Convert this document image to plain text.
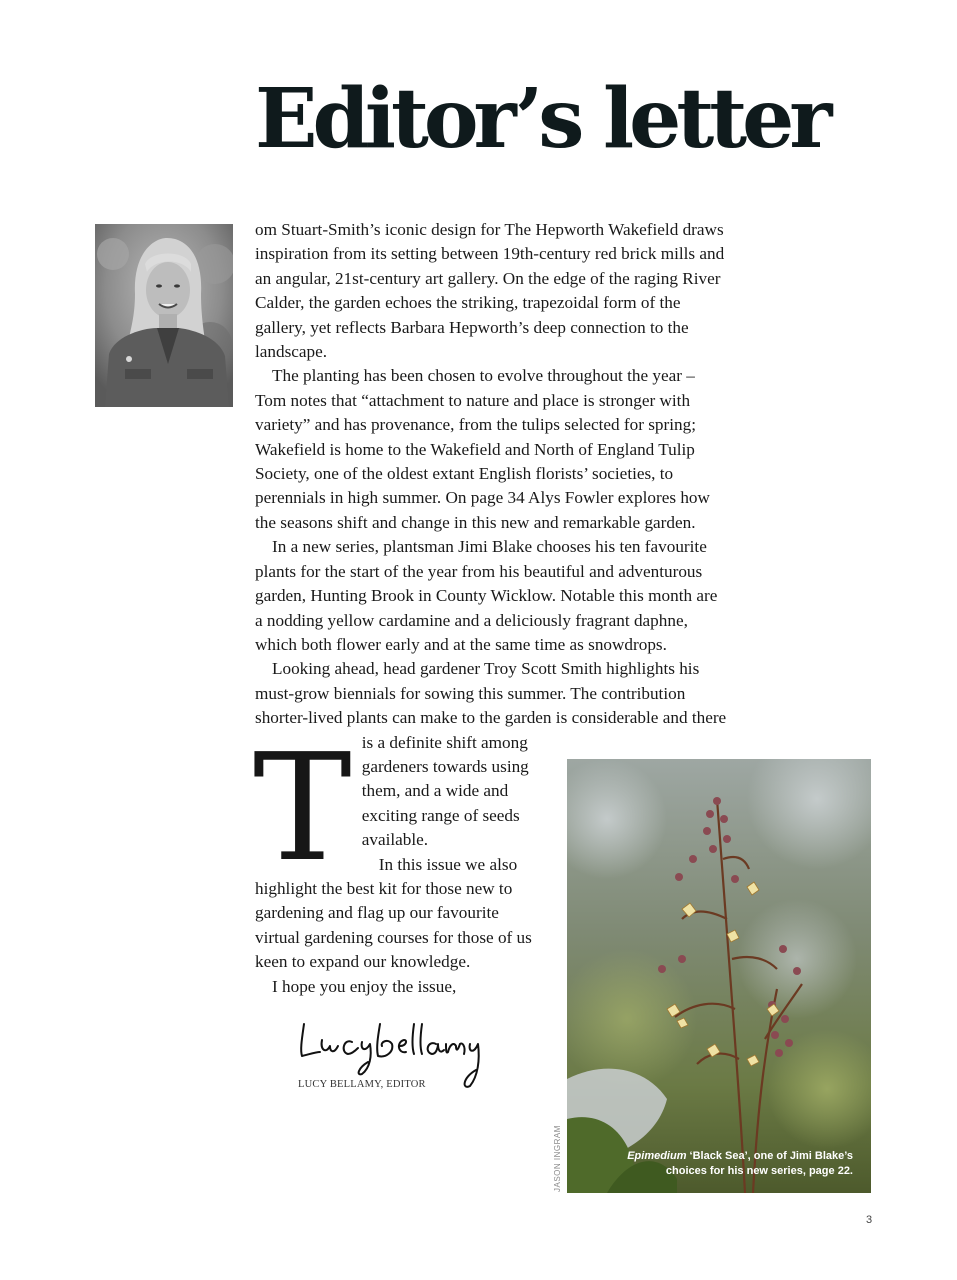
Editor’s letter

T
om Stuart-Smith’s iconic design for The Hepworth Wakefield draws inspiration from its setting between 19th-century red brick mills and an angular, 21st-century art gallery. On the edge of the raging River Calder, the garden echoes the striking, trapezoidal form of the gallery, yet reflects Barbara Hepworth’s deep connection to the landscape.

The planting has been chosen to evolve throughout the year – Tom notes that “attachment to nature and place is stronger with variety” and has provenance, from the tulips selected for spring; Wakefield is home to the Wakefield and North of England Tulip Society, one of the oldest extant English florists’ societies, to perennials in high summer. On page 34 Alys Fowler explores how the seasons shift and change in this new and remarkable garden.

In a new series, plantsman Jimi Blake chooses his ten favourite plants for the start of the year from his beautiful and adventurous garden, Hunting Brook in County Wicklow. Notable this month are a nodding yellow cardamine and a deliciously fragrant daphne, which both flower early and at the same time as snowdrops.

Looking ahead, head gardener Troy Scott Smith highlights his must-grow biennials for sowing this summer. The contribution shorter-lived plants can make to the garden is considerable and there is a definite shift among gardeners towards using them, and a wide and exciting range of seeds available.

In this issue we also highlight the best kit for those new to gardening and flag up our favourite virtual gardening courses for those of us keen to expand our knowledge.

I hope you enjoy the issue,

LUCY BELLAMY, EDITOR
Epimedium ‘Black Sea’, one of Jimi Blake’s choices for his new series, page 22.
JASON INGRAM
3
